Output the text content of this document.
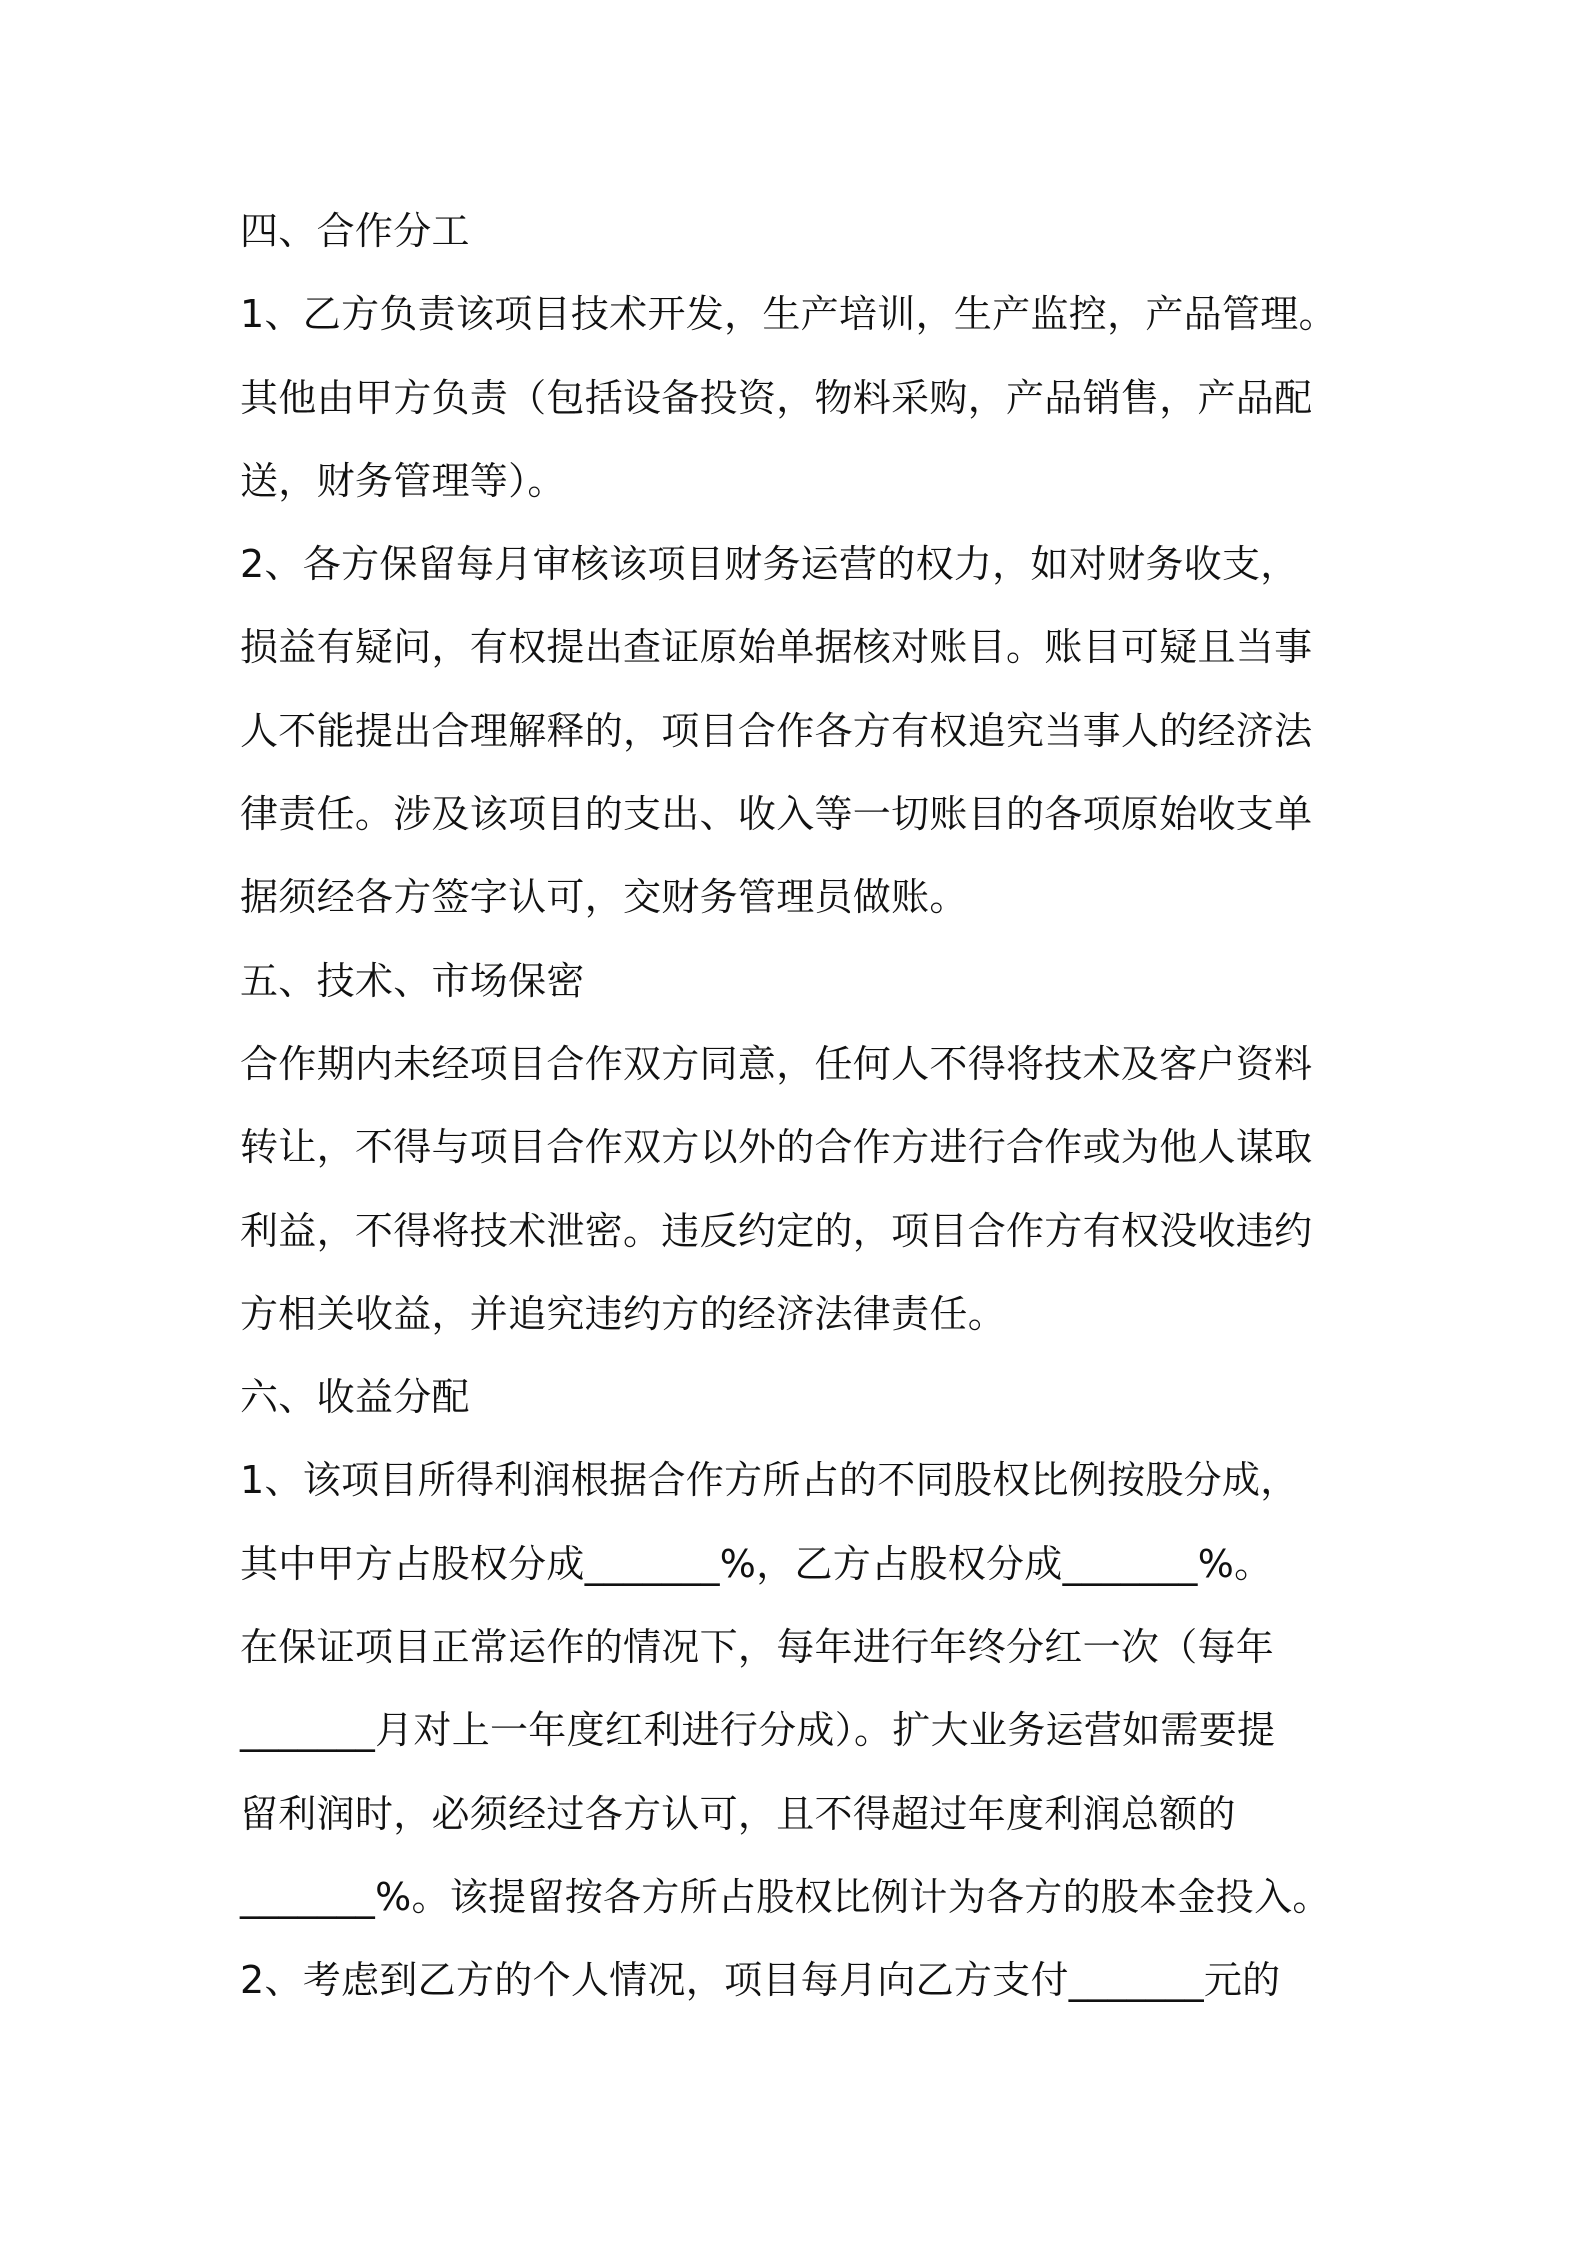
四、合作分工
1、乙方负责该项目技术开发，生产培训，生产监控，产品管理。
其他由甲方负责（包括设备投资，物料采购，产品销售，产品配
送，财务管理等）。
2、各方保留每月审核该项目财务运营的权力，如对财务收支，
损益有疑问，有权提出查证原始单据核对账目。账目可疑且当事
人不能提出合理解释的，项目合作各方有权追究当事人的经济法
律责任。涉及该项目的支出、收入等一切账目的各项原始收支单
据须经各方签字认可，交财务管理员做账。
五、技术、市场保密
合作期内未经项目合作双方同意，任何人不得将技术及客户资料
转让，不得与项目合作双方以外的合作方进行合作或为他人谋取
利益，不得将技术泄密。违反约定的，项目合作方有权没收违约
方相关收益，并追究违约方的经济法律责任。
六、收益分配
1、该项目所得利润根据合作方所占的不同股权比例按股分成，
其中甲方占股权分成_______%，乙方占股权分成_______%。
在保证项目正常运作的情况下，每年进行年终分红一次（每年
_______月对上一年度红利进行分成）。扩大业务运营如需要提
留利润时，必须经过各方认可，且不得超过年度利润总额的
_______%。该提留按各方所占股权比例计为各方的股本金投入。
2、考虑到乙方的个人情况，项目每月向乙方支付_______元的
